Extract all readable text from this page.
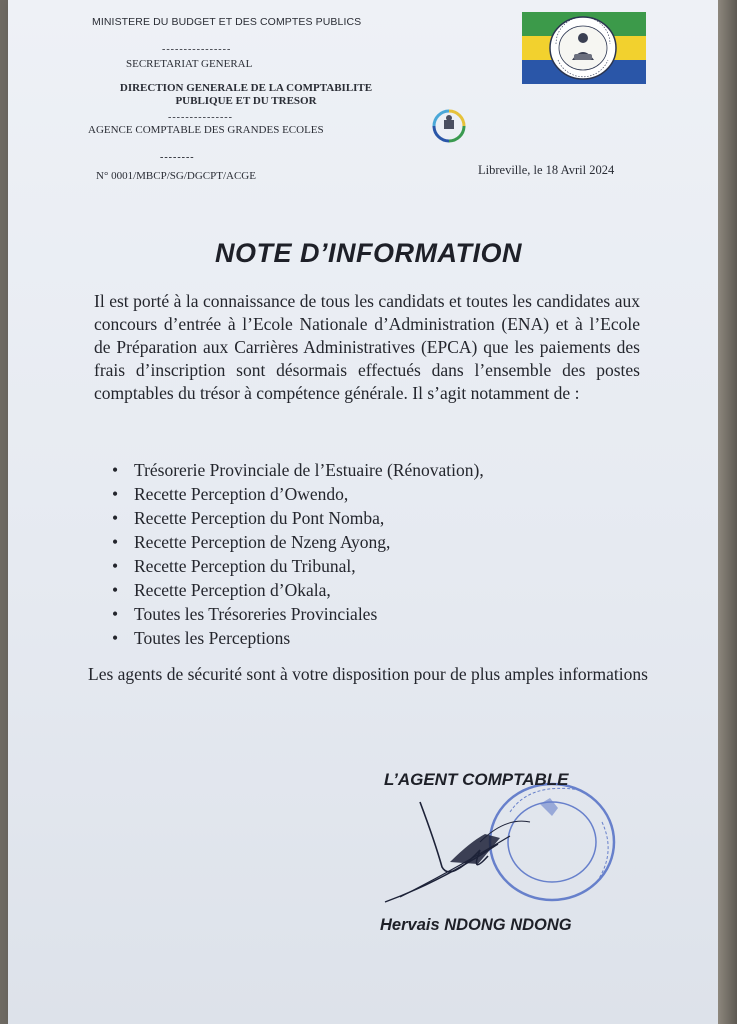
MINISTERE DU BUDGET ET DES COMPTES PUBLICS
----------------
SECRETARIAT GENERAL
DIRECTION GENERALE DE LA COMPTABILITE
PUBLIQUE ET DU TRESOR
---------------
AGENCE COMPTABLE DES GRANDES ECOLES
--------
N° 0001/MBCP/SG/DGCPT/ACGE	Libreville, le 18 Avril 2024
NOTE D’INFORMATION
Il est porté à la connaissance de tous les candidats et toutes les candidates aux concours d’entrée à l’Ecole Nationale d’Administration (ENA) et à l’Ecole de Préparation aux Carrières Administratives (EPCA) que les paiements des frais d’inscription sont désormais effectués dans l’ensemble des postes comptables du trésor à compétence générale. Il s’agit notamment de :
• Trésorerie Provinciale de l’Estuaire (Rénovation),
• Recette Perception d’Owendo,
• Recette Perception du Pont Nomba,
• Recette Perception de Nzeng Ayong,
• Recette Perception du Tribunal,
• Recette Perception d’Okala,
• Toutes les Trésoreries Provinciales
• Toutes les Perceptions
Les agents de sécurité sont à votre disposition pour de plus amples informations
L’AGENT COMPTABLE
Hervais NDONG NDONG
